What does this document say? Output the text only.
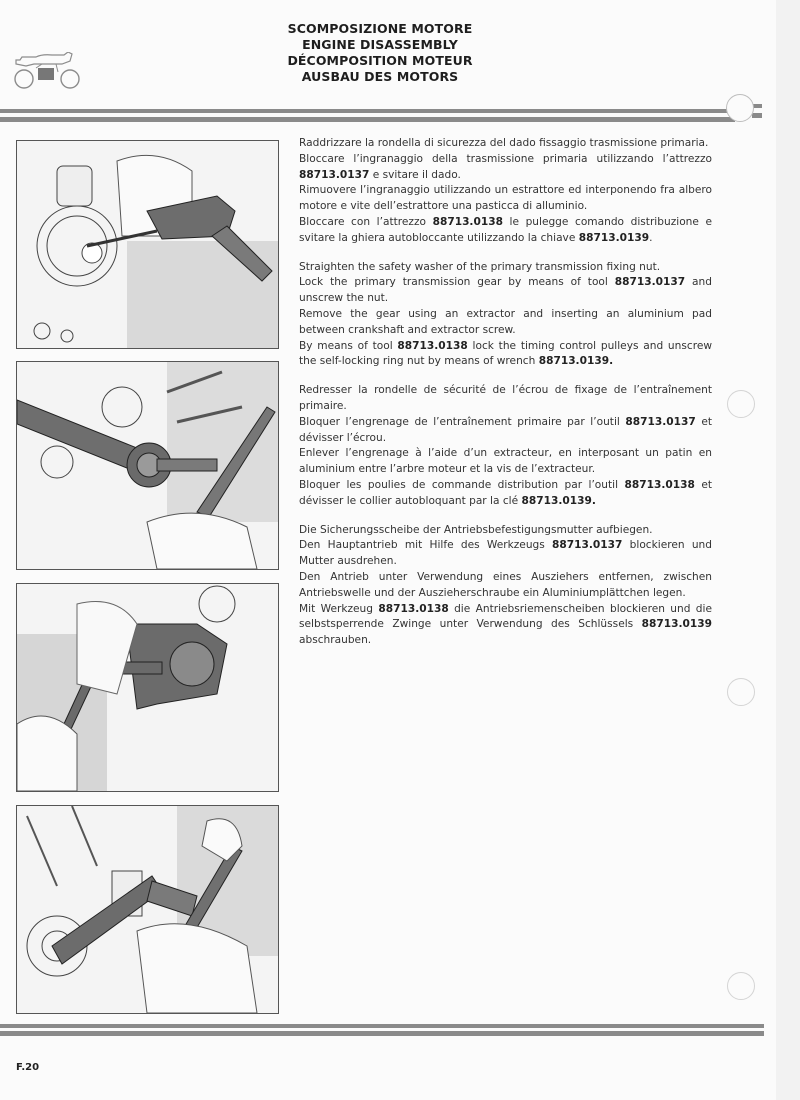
SCOMPOSIZIONE MOTORE
ENGINE DISASSEMBLY
DÉCOMPOSITION MOTEUR
AUSBAU DES MOTORS
Raddrizzare la rondella di sicurezza del dado fissaggio trasmissione primaria.
Bloccare l’ingranaggio della trasmissione primaria utilizzando l’attrezzo 88713.0137 e svitare il dado.
Rimuovere l’ingranaggio utilizzando un estrattore ed interponendo fra albero motore e vite dell’estrattore una pasticca di alluminio.
Bloccare con l’attrezzo 88713.0138 le pulegge comando distribuzione e svitare la ghiera autobloccante utilizzando la chiave 88713.0139.
Straighten the safety washer of the primary transmission fixing nut.
Lock the primary transmission gear by means of tool 88713.0137 and unscrew the nut.
Remove the gear using an extractor and inserting an aluminium pad between crankshaft and extractor screw.
By means of tool 88713.0138 lock the timing control pulleys and unscrew the self-locking ring nut by means of wrench 88713.0139.
Redresser la rondelle de sécurité de l’écrou de fixage de l’entraînement primaire.
Bloquer l’engrenage de l’entraînement primaire par l’outil 88713.0137 et dévisser l’écrou.
Enlever l’engrenage à l’aide d’un extracteur, en interposant un patin en aluminium entre l’arbre moteur et la vis de l’extracteur.
Bloquer les poulies de commande distribution par l’outil 88713.0138 et dévisser le collier autobloquant par la clé 88713.0139.
Die Sicherungsscheibe der Antriebsbefestigungsmutter aufbiegen.
Den Hauptantrieb mit Hilfe des Werkzeugs 88713.0137 blockieren und Mutter ausdrehen.
Den Antrieb unter Verwendung eines Ausziehers entfernen, zwischen Antriebswelle und der Auszieherschraube ein Aluminiumplättchen legen.
Mit Werkzeug 88713.0138 die Antriebsriemenscheiben blockieren und die selbstsperrende Zwinge unter Verwendung des Schlüssels 88713.0139 abschrauben.
F.20
